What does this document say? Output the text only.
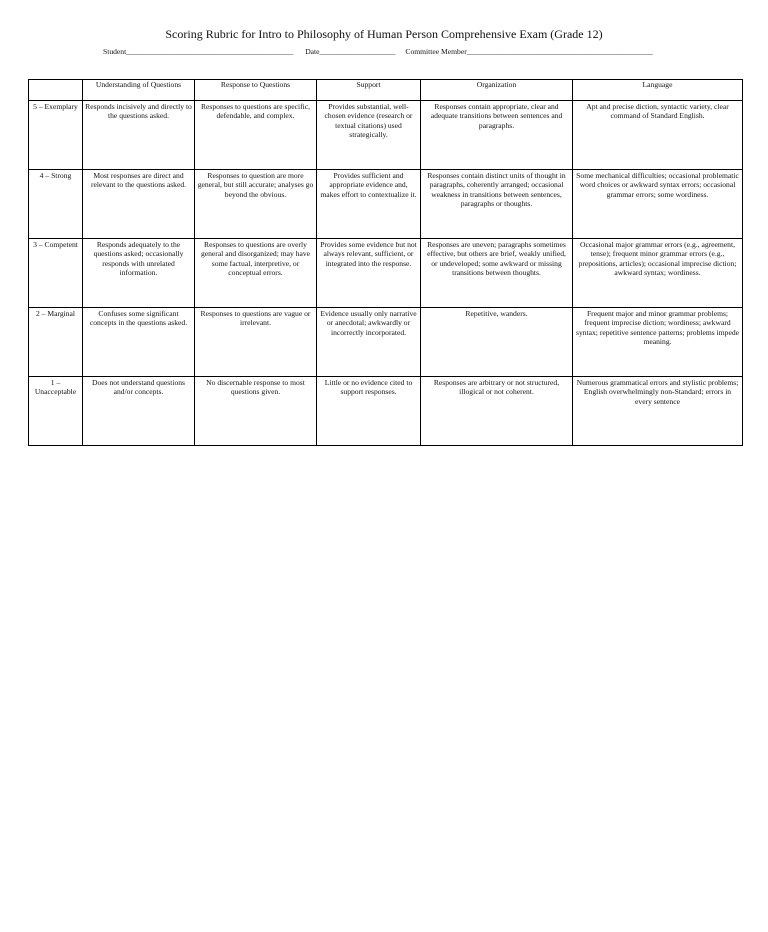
Scoring Rubric for Intro to Philosophy of Human Person Comprehensive Exam (Grade 12)
Student____________________________________________ Date____________________ Committee Member_________________________________________________
	Understanding of Questions	Response to Questions	Support	Organization	Language
5 – Exemplary	Responds incisively and directly to the questions asked.	Responses to questions are specific, defendable, and complex.	Provides substantial, well-chosen evidence (research or textual citations) used strategically.	Responses contain appropriate, clear and adequate transitions between sentences and paragraphs.	Apt and precise diction, syntactic variety, clear command of Standard English.
4 – Strong	Most responses are direct and relevant to the questions asked.	Responses to question are more general, but still accurate; analyses go beyond the obvious.	Provides sufficient and appropriate evidence and, makes effort to contextualize it.	Responses contain distinct units of thought in paragraphs, coherently arranged; occasional weakness in transitions between sentences, paragraphs or thoughts.	Some mechanical difficulties; occasional problematic word choices or awkward syntax errors; occasional grammar errors; some wordiness.
3 – Competent	Responds adequately to the questions asked; occasionally responds with unrelated information.	Responses to questions are overly general and disorganized; may have some factual, interpretive, or conceptual errors.	Provides some evidence but not always relevant, sufficient, or integrated into the response.	Responses are uneven; paragraphs sometimes effective, but others are brief, weakly unified, or undeveloped; some awkward or missing transitions between thoughts.	Occasional major grammar errors (e.g., agreement, tense); frequent minor grammar errors (e.g., prepositions, articles); occasional imprecise diction; awkward syntax; wordiness.
2 – Marginal	Confuses some significant concepts in the questions asked.	Responses to questions are vague or irrelevant.	Evidence usually only narrative or anecdotal; awkwardly or incorrectly incorporated.	Repetitive, wanders.	Frequent major and minor grammar problems; frequent imprecise diction; wordiness; awkward syntax; repetitive sentence patterns; problems impede meaning.
1 – Unacceptable	Does not understand questions and/or concepts.	No discernable response to most questions given.	Little or no evidence cited to support responses.	Responses are arbitrary or not structured, illogical or not coherent.	Numerous grammatical errors and stylistic problems; English overwhelmingly non-Standard; errors in every sentence
